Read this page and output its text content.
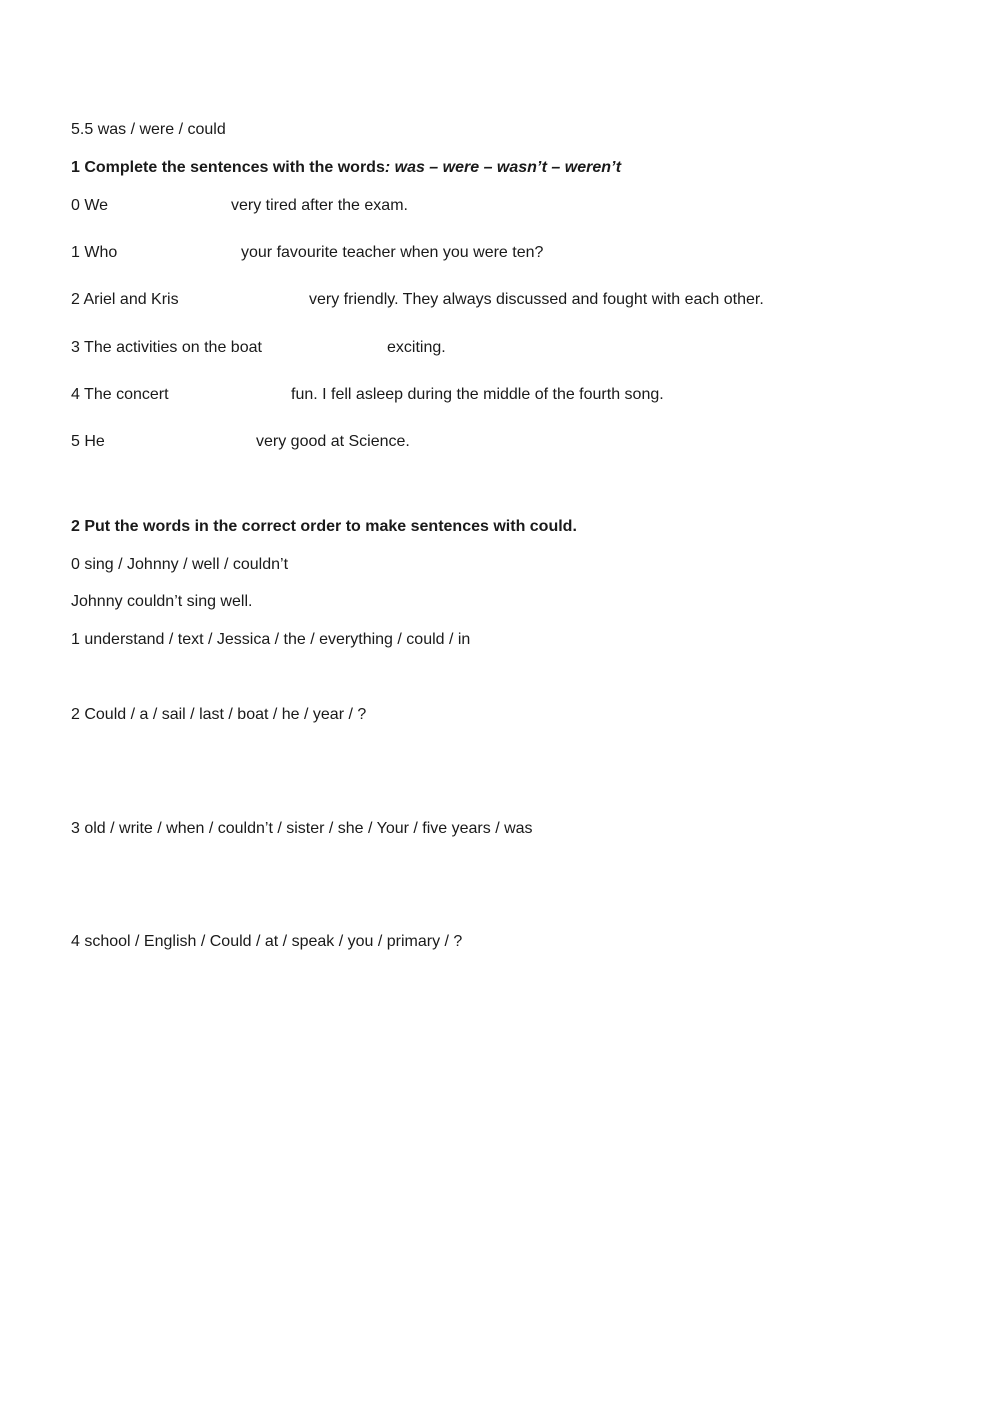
5.5 was / were / could
1 Complete the sentences with the words: was – were – wasn’t – weren’t
0 We	very tired after the exam.
1 Who	your favourite teacher when you were ten?
2 Ariel and Kris	very friendly. They always discussed and fought with each other.
3 The activities on the boat	exciting.
4 The concert	fun. I fell asleep during the middle of the fourth song.
5 He	very good at Science.
2 Put the words in the correct order to make sentences with could.
0 sing / Johnny / well / couldn’t
Johnny couldn’t sing well.
1 understand / text / Jessica / the / everything / could / in
2 Could / a / sail / last / boat / he / year / ?
3 old / write / when / couldn’t / sister / she / Your / five years / was
4 school / English / Could / at / speak / you / primary / ?
